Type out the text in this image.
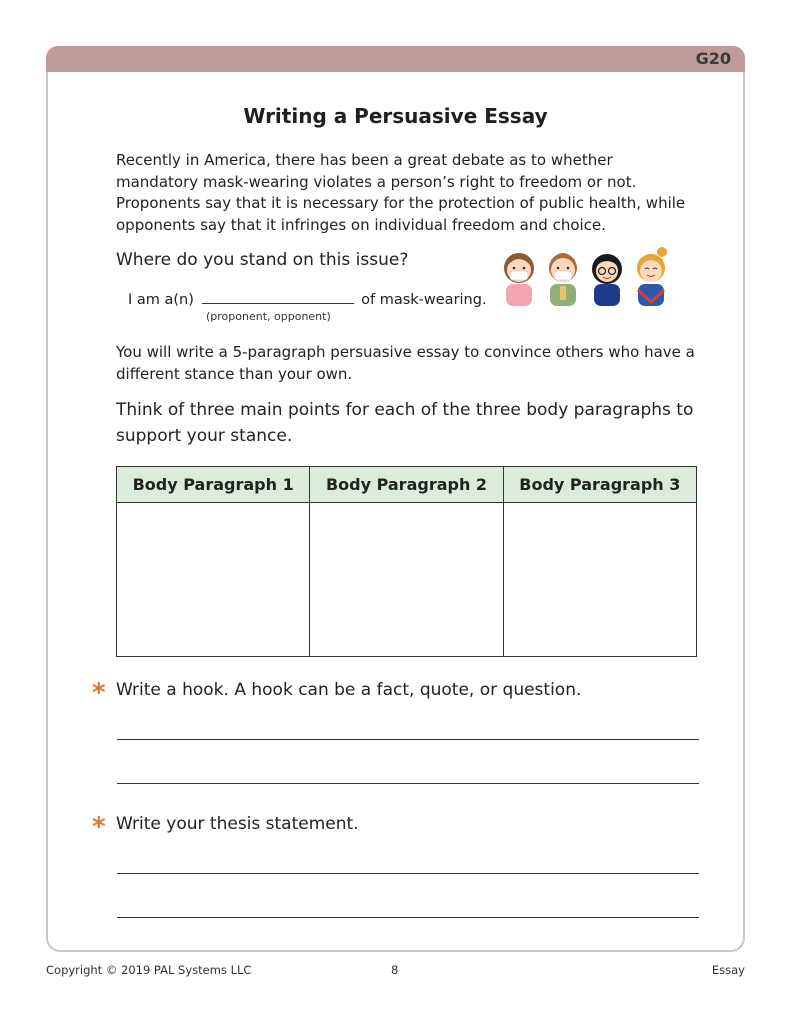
G20
Writing a Persuasive Essay

Recently in America, there has been a great debate as to whether mandatory mask-wearing violates a person’s right to freedom or not. Proponents say that it is necessary for the protection of public health, while opponents say that it infringes on individual freedom and choice.

Where do you stand on this issue?
I am a(n)	of mask-wearing.
(proponent, opponent)

You will write a 5-paragraph persuasive essay to convince others who have a different stance than your own.

Think of three main points for each of the three body paragraphs to support your stance.

Body Paragraph 1	Body Paragraph 2	Body Paragraph 3

* Write a hook. A hook can be a fact, quote, or question.
* Write your thesis statement.
Copyright © 2019 PAL Systems LLC	8	Essay
